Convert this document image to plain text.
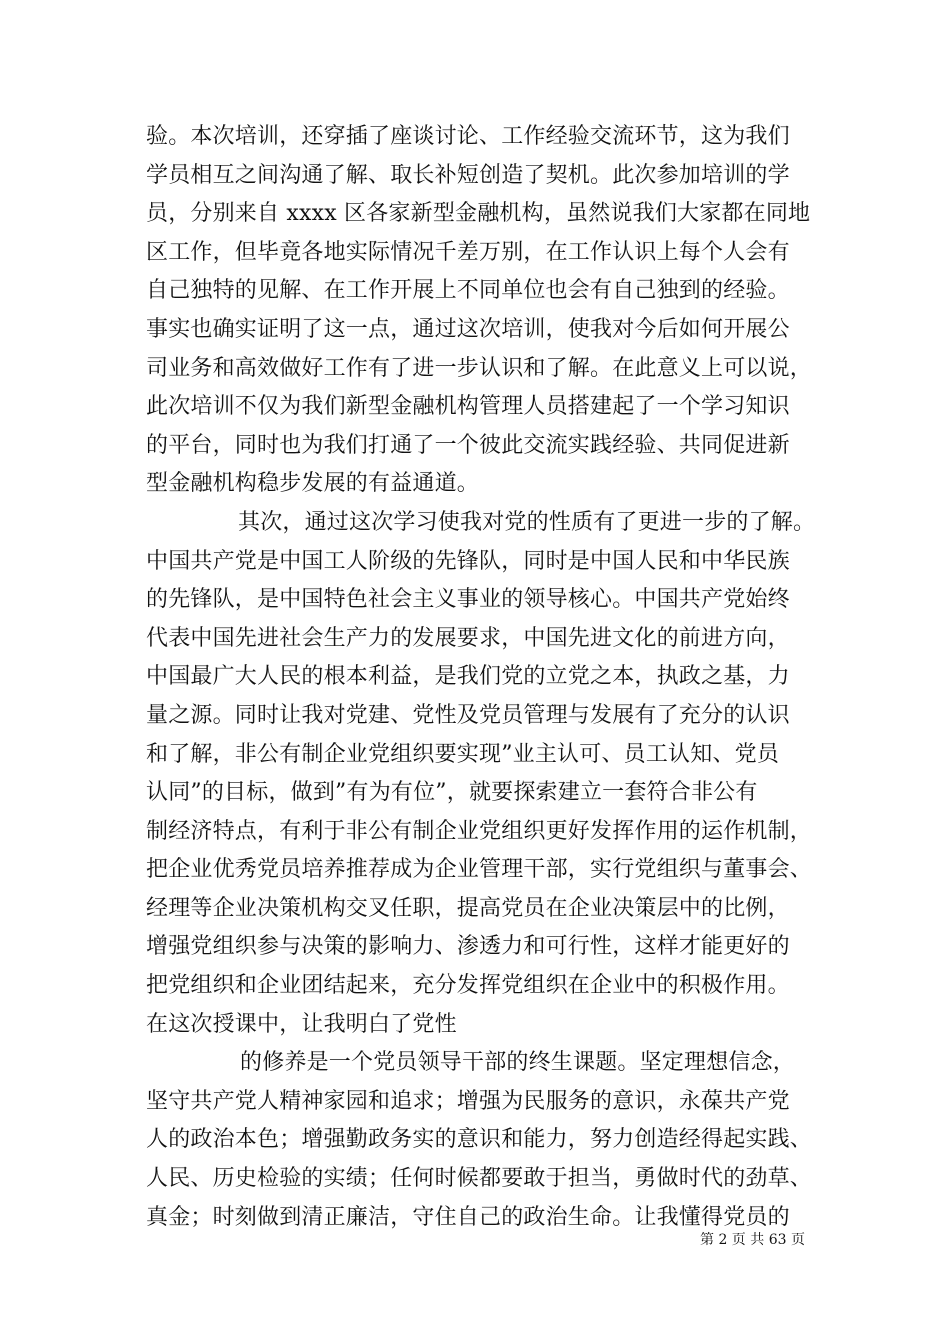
验。本次培训，还穿插了座谈讨论、工作经验交流环节，这为我们
学员相互之间沟通了解、取长补短创造了契机。此次参加培训的学
员，分别来自 xxxx 区各家新型金融机构，虽然说我们大家都在同地
区工作，但毕竟各地实际情况千差万别，在工作认识上每个人会有
自己独特的见解、在工作开展上不同单位也会有自己独到的经验。
事实也确实证明了这一点，通过这次培训，使我对今后如何开展公
司业务和高效做好工作有了进一步认识和了解。在此意义上可以说，
此次培训不仅为我们新型金融机构管理人员搭建起了一个学习知识
的平台，同时也为我们打通了一个彼此交流实践经验、共同促进新
型金融机构稳步发展的有益通道。
其次，通过这次学习使我对党的性质有了更进一步的了解。
中国共产党是中国工人阶级的先锋队，同时是中国人民和中华民族
的先锋队，是中国特色社会主义事业的领导核心。中国共产党始终
代表中国先进社会生产力的发展要求，中国先进文化的前进方向，
中国最广大人民的根本利益，是我们党的立党之本，执政之基，力
量之源。同时让我对党建、党性及党员管理与发展有了充分的认识
和了解，非公有制企业党组织要实现”业主认可、员工认知、党员
认同”的目标，做到”有为有位”，就要探索建立一套符合非公有
制经济特点，有利于非公有制企业党组织更好发挥作用的运作机制，
把企业优秀党员培养推荐成为企业管理干部，实行党组织与董事会、
经理等企业决策机构交叉任职，提高党员在企业决策层中的比例，
增强党组织参与决策的影响力、渗透力和可行性，这样才能更好的
把党组织和企业团结起来，充分发挥党组织在企业中的积极作用。
在这次授课中，让我明白了党性
的修养是一个党员领导干部的终生课题。坚定理想信念，
坚守共产党人精神家园和追求；增强为民服务的意识，永葆共产党
人的政治本色；增强勤政务实的意识和能力，努力创造经得起实践、
人民、历史检验的实绩；任何时候都要敢于担当，勇做时代的劲草、
真金；时刻做到清正廉洁，守住自己的政治生命。让我懂得党员的
第 2 页 共 63 页
